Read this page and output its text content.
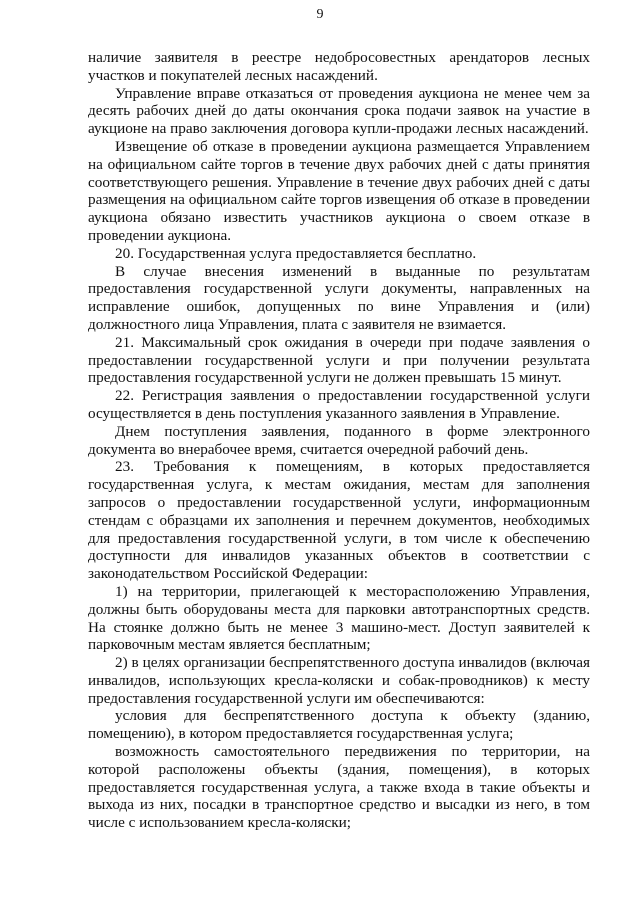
9

наличие заявителя в реестре недобросовестных арендаторов лесных участков и покупателей лесных насаждений.

Управление вправе отказаться от проведения аукциона не менее чем за десять рабочих дней до даты окончания срока подачи заявок на участие в аукционе на право заключения договора купли-продажи лесных насаждений.

Извещение об отказе в проведении аукциона размещается Управлением на официальном сайте торгов в течение двух рабочих дней с даты принятия соответствующего решения. Управление в течение двух рабочих дней с даты размещения на официальном сайте торгов извещения об отказе в проведении аукциона обязано известить участников аукциона о своем отказе в проведении аукциона.

20. Государственная услуга предоставляется бесплатно.

В случае внесения изменений в выданные по результатам предоставления государственной услуги документы, направленных на исправление ошибок, допущенных по вине Управления и (или) должностного лица Управления, плата с заявителя не взимается.

21. Максимальный срок ожидания в очереди при подаче заявления о предоставлении государственной услуги и при получении результата предоставления государственной услуги не должен превышать 15 минут.

22. Регистрация заявления о предоставлении государственной услуги осуществляется в день поступления указанного заявления в Управление.

Днем поступления заявления, поданного в форме электронного документа во внерабочее время, считается очередной рабочий день.

23. Требования к помещениям, в которых предоставляется государственная услуга, к местам ожидания, местам для заполнения запросов о предоставлении государственной услуги, информационным стендам с образцами их заполнения и перечнем документов, необходимых для предоставления государственной услуги, в том числе к обеспечению доступности для инвалидов указанных объектов в соответствии с законодательством Российской Федерации:

1) на территории, прилегающей к месторасположению Управления, должны быть оборудованы места для парковки автотранспортных средств. На стоянке должно быть не менее 3 машино-мест. Доступ заявителей к парковочным местам является бесплатным;

2) в целях организации беспрепятственного доступа инвалидов (включая инвалидов, использующих кресла-коляски и собак-проводников) к месту предоставления государственной услуги им обеспечиваются:

условия для беспрепятственного доступа к объекту (зданию, помещению), в котором предоставляется государственная услуга;

возможность самостоятельного передвижения по территории, на которой расположены объекты (здания, помещения), в которых предоставляется государственная услуга, а также входа в такие объекты и выхода из них, посадки в транспортное средство и высадки из него, в том числе с использованием кресла-коляски;
